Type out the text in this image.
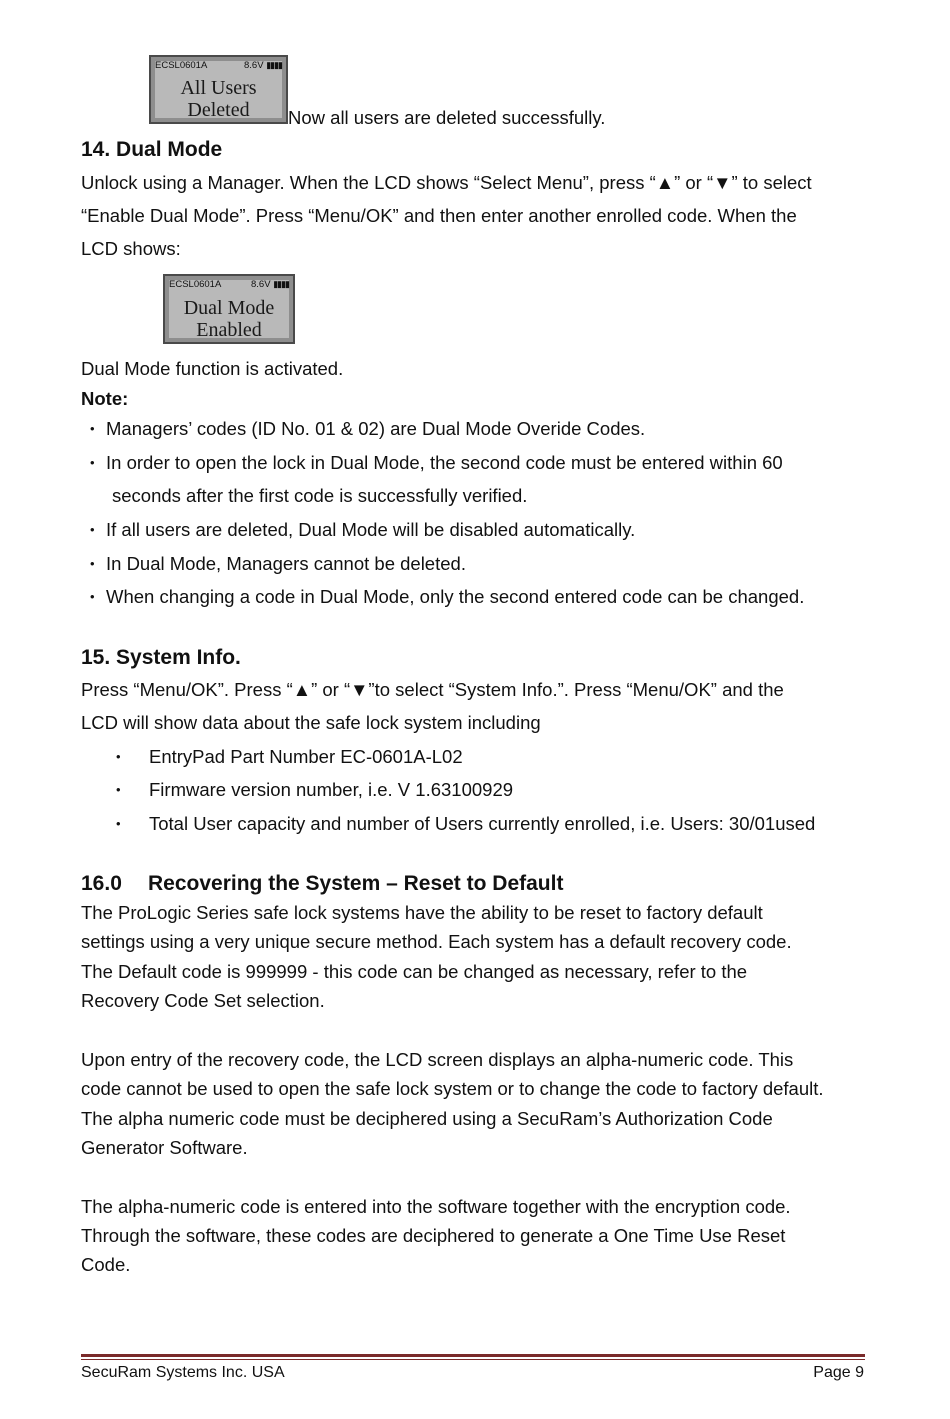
ECSL0601A	8.6V ▮▮▮▮
All Users
Deleted	Now all users are deleted successfully.
14. Dual Mode
Unlock using a Manager. When the LCD shows “Select Menu”, press “▲” or “▼” to select
“Enable Dual Mode”. Press “Menu/OK” and then enter another enrolled code. When the
LCD shows:
ECSL0601A	8.6V ▮▮▮▮
Dual Mode
Enabled
Dual Mode function is activated.
Note:
• Managers’ codes (ID No. 01 & 02) are Dual Mode Overide Codes.
• In order to open the lock in Dual Mode, the second code must be entered within 60
seconds after the first code is successfully verified.
• If all users are deleted, Dual Mode will be disabled automatically.
• In Dual Mode, Managers cannot be deleted.
• When changing a code in Dual Mode, only the second entered code can be changed.
15. System Info.
Press “Menu/OK”. Press “▲” or “▼”to select “System Info.”. Press “Menu/OK” and the
LCD will show data about the safe lock system including
• EntryPad Part Number EC-0601A-L02
• Firmware version number, i.e. V 1.63100929
• Total User capacity and number of Users currently enrolled, i.e. Users: 30/01used
16.0 Recovering the System – Reset to Default
The ProLogic Series safe lock systems have the ability to be reset to factory default
settings using a very unique secure method. Each system has a default recovery code.
The Default code is 999999 - this code can be changed as necessary, refer to the
Recovery Code Set selection.
Upon entry of the recovery code, the LCD screen displays an alpha-numeric code. This
code cannot be used to open the safe lock system or to change the code to factory default.
The alpha numeric code must be deciphered using a SecuRam’s Authorization Code
Generator Software.
The alpha-numeric code is entered into the software together with the encryption code.
Through the software, these codes are deciphered to generate a One Time Use Reset
Code.
SecuRam Systems Inc. USA	Page 9
